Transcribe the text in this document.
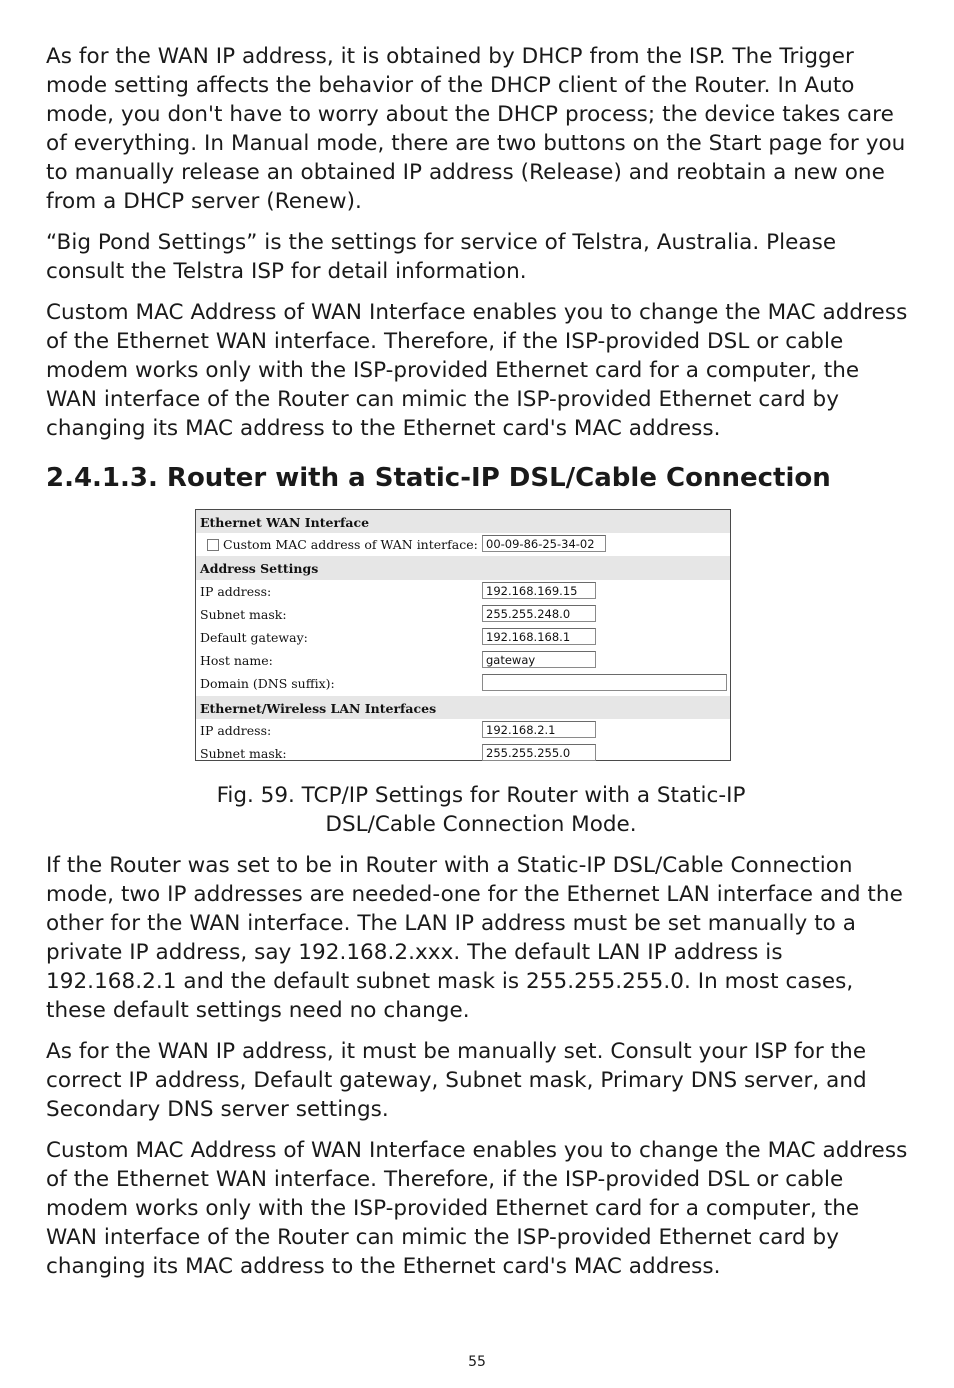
As for the WAN IP address, it is obtained by DHCP from the ISP. The Trigger mode setting affects the behavior of the DHCP client of the Router. In Auto mode, you don't have to worry about the DHCP process; the device takes care of everything. In Manual mode, there are two buttons on the Start page for you to manually release an obtained IP address (Release) and reobtain a new one from a DHCP server (Renew).

“Big Pond Settings” is the settings for service of Telstra, Australia. Please consult the Telstra ISP for detail information.

Custom MAC Address of WAN Interface enables you to change the MAC address of the Ethernet WAN interface. Therefore, if the ISP-provided DSL or cable modem works only with the ISP-provided Ethernet card for a computer, the WAN interface of the Router can mimic the ISP-provided Ethernet card by changing its MAC address to the Ethernet card's MAC address.

2.4.1.3. Router with a Static-IP DSL/Cable Connection
Ethernet WAN Interface
Custom MAC address of WAN interface: 00-09-86-25-34-02
Address Settings
IP address:	192.168.169.15
Subnet mask:	255.255.248.0
Default gateway:	192.168.168.1
Host name:	gateway
Domain (DNS suffix):
Ethernet/Wireless LAN Interfaces
IP address:	192.168.2.1
Subnet mask:	255.255.255.0
Fig. 59. TCP/IP Settings for Router with a Static-IP
DSL/Cable Connection Mode.

If the Router was set to be in Router with a Static-IP DSL/Cable Connection mode, two IP addresses are needed-one for the Ethernet LAN interface and the other for the WAN interface. The LAN IP address must be set manually to a private IP address, say 192.168.2.xxx. The default LAN IP address is 192.168.2.1 and the default subnet mask is 255.255.255.0. In most cases, these default settings need no change.

As for the WAN IP address, it must be manually set. Consult your ISP for the correct IP address, Default gateway, Subnet mask, Primary DNS server, and Secondary DNS server settings.

Custom MAC Address of WAN Interface enables you to change the MAC address of the Ethernet WAN interface. Therefore, if the ISP-provided DSL or cable modem works only with the ISP-provided Ethernet card for a computer, the WAN interface of the Router can mimic the ISP-provided Ethernet card by changing its MAC address to the Ethernet card's MAC address.

55
